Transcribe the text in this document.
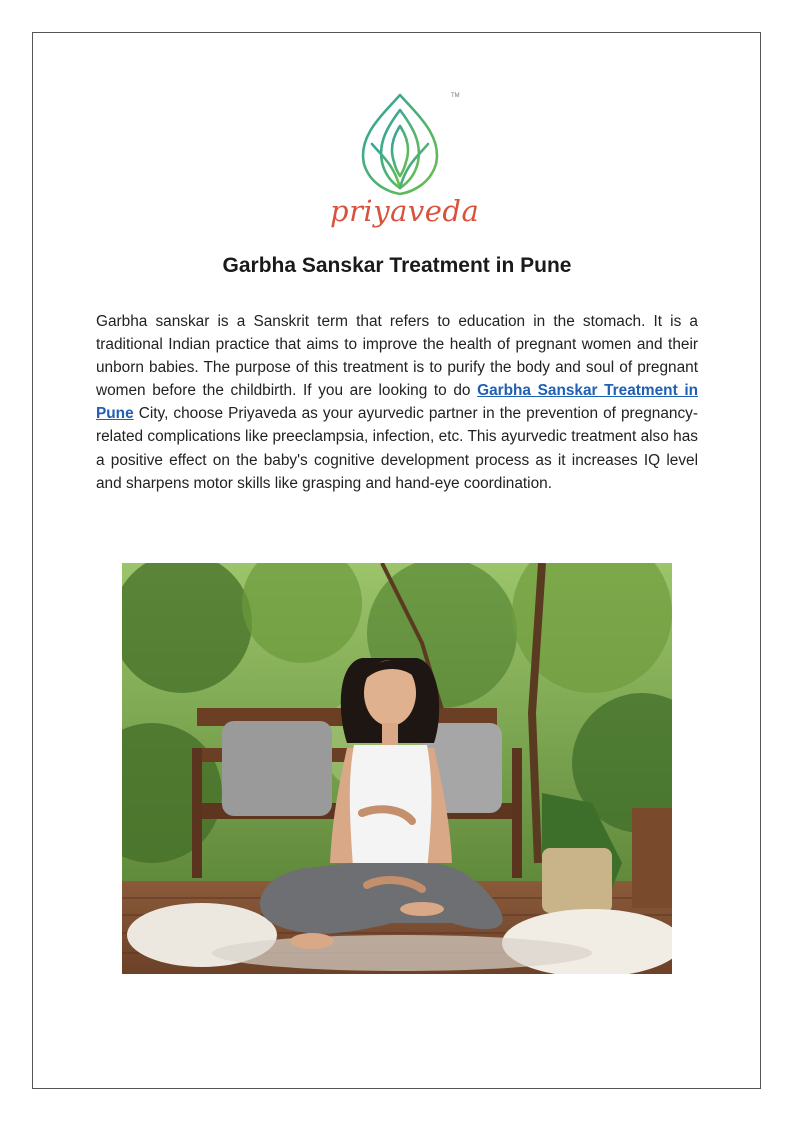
TM
priyaveda
Garbha Sanskar Treatment in Pune
Garbha sanskar is a Sanskrit term that refers to education in the stomach. It is a traditional Indian practice that aims to improve the health of pregnant women and their unborn babies. The purpose of this treatment is to purify the body and soul of pregnant women before the childbirth. If you are looking to do Garbha Sanskar Treatment in Pune City, choose Priyaveda as your ayurvedic partner in the prevention of pregnancy-related complications like preeclampsia, infection, etc. This ayurvedic treatment also has a positive effect on the baby's cognitive development process as it increases IQ level and sharpens motor skills like grasping and hand-eye coordination.
